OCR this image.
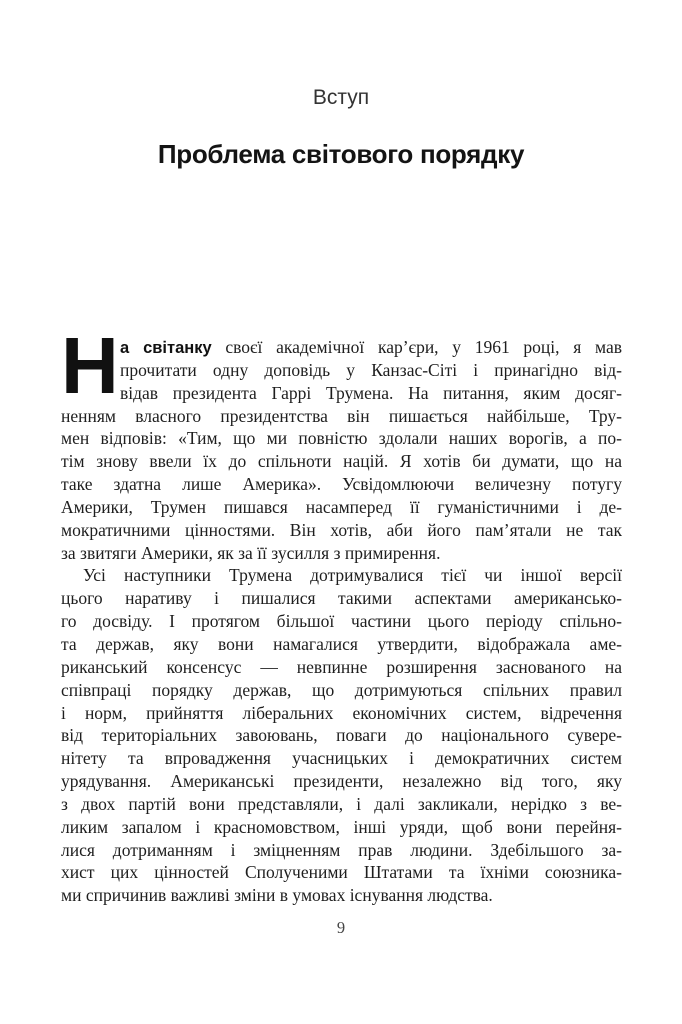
Вступ
Проблема світового порядку
Н а світанку своєї академічної кар’єри, у 1961 році, я мав
прочитати одну доповідь у Канзас-Сіті і принагідно від-
відав президента Гаррі Трумена. На питання, яким досяг-
ненням власного президентства він пишається найбільше, Тру-
мен відповів: «Тим, що ми повністю здолали наших ворогів, а по-
тім знову ввели їх до спільноти націй. Я хотів би думати, що на
таке здатна лише Америка». Усвідомлюючи величезну потугу
Америки, Трумен пишався насамперед її гуманістичними і де-
мократичними цінностями. Він хотів, аби його пам’ятали не так
за звитяги Америки, як за її зусилля з примирення.
Усі наступники Трумена дотримувалися тієї чи іншої версії
цього наративу і пишалися такими аспектами американсько-
го досвіду. І протягом більшої частини цього періоду спільно-
та держав, яку вони намагалися утвердити, відображала аме-
риканський консенсус — невпинне розширення заснованого на
співпраці порядку держав, що дотримуються спільних правил
і норм, прийняття ліберальних економічних систем, відречення
від територіальних завоювань, поваги до національного сувере-
нітету та впровадження учасницьких і демократичних систем
урядування. Американські президенти, незалежно від того, яку
з двох партій вони представляли, і далі закликали, нерідко з ве-
ликим запалом і красномовством, інші уряди, щоб вони перейня-
лися дотриманням і зміцненням прав людини. Здебільшого за-
хист цих цінностей Сполученими Штатами та їхніми союзника-
ми спричинив важливі зміни в умовах існування людства.
9
